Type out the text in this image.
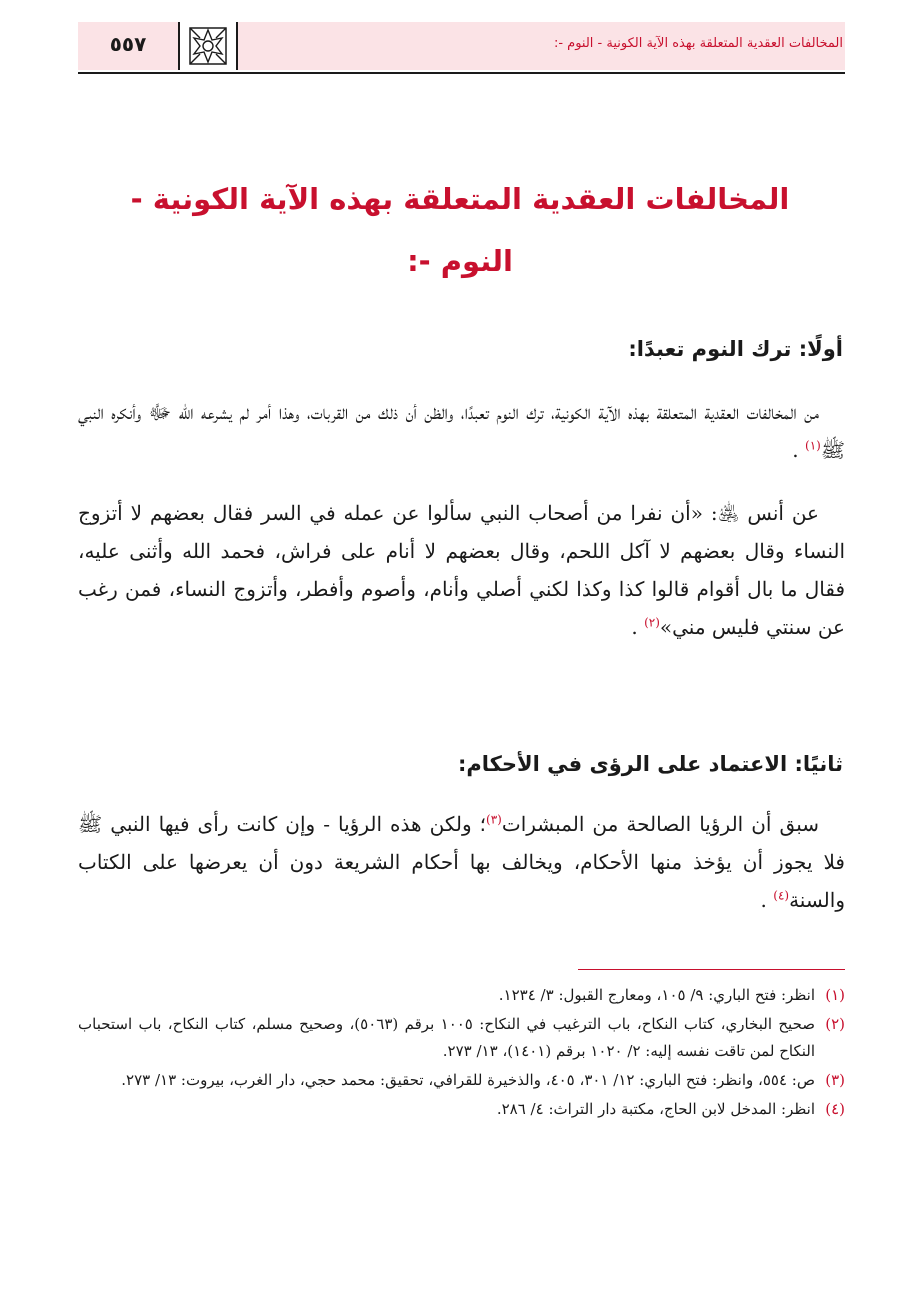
المخالفات العقدية المتعلقة بهذه الآية الكونية - النوم -:
٥٥٧
المخالفات العقدية المتعلقة بهذه الآية الكونية -
النوم -:
أولًا: ترك النوم تعبدًا:
من المخالفات العقدية المتعلقة بهذه الآية الكونية، ترك النوم تعبدًا، والظن أن ذلك من القربات، وهذا أمر لم يشرعه الله ﷻ وأنكره النبي ﷺ$^{(١)}$ .
عن أنس ﵁: «أن نفرا من أصحاب النبي سألوا عن عمله في السر فقال بعضهم لا أتزوج النساء وقال بعضهم لا آكل اللحم، وقال بعضهم لا أنام على فراش، فحمد الله وأثنى عليه، فقال ما بال أقوام قالوا كذا وكذا لكني أصلي وأنام، وأصوم وأفطر، وأتزوج النساء، فمن رغب عن سنتي فليس مني»$^{(٢)}$ .
ثانيًا: الاعتماد على الرؤى في الأحكام:
سبق أن الرؤيا الصالحة من المبشرات$^{(٣)}$؛ ولكن هذه الرؤيا - وإن كانت رأى فيها النبي ﷺ فلا يجوز أن يؤخذ منها الأحكام، ويخالف بها أحكام الشريعة دون أن يعرضها على الكتاب والسنة$^{(٤)}$ .
(١)
انظر: فتح الباري: ٩/ ١٠٥، ومعارج القبول: ٣/ ١٢٣٤.
(٢)
صحيح البخاري، كتاب النكاح، باب الترغيب في النكاح: ١٠٠٥ برقم (٥٠٦٣)، وصحيح مسلم، كتاب النكاح، باب استحباب النكاح لمن تاقت نفسه إليه: ٢/ ١٠٢٠ برقم (١٤٠١)، ١٣/ ٢٧٣.
(٣)
ص: ٥٥٤، وانظر: فتح الباري: ١٢/ ٣٠١، ٤٠٥، والذخيرة للقرافي، تحقيق: محمد حجي، دار الغرب، بيروت: ١٣/ ٢٧٣.
(٤)
انظر: المدخل لابن الحاج، مكتبة دار التراث: ٤/ ٢٨٦.
